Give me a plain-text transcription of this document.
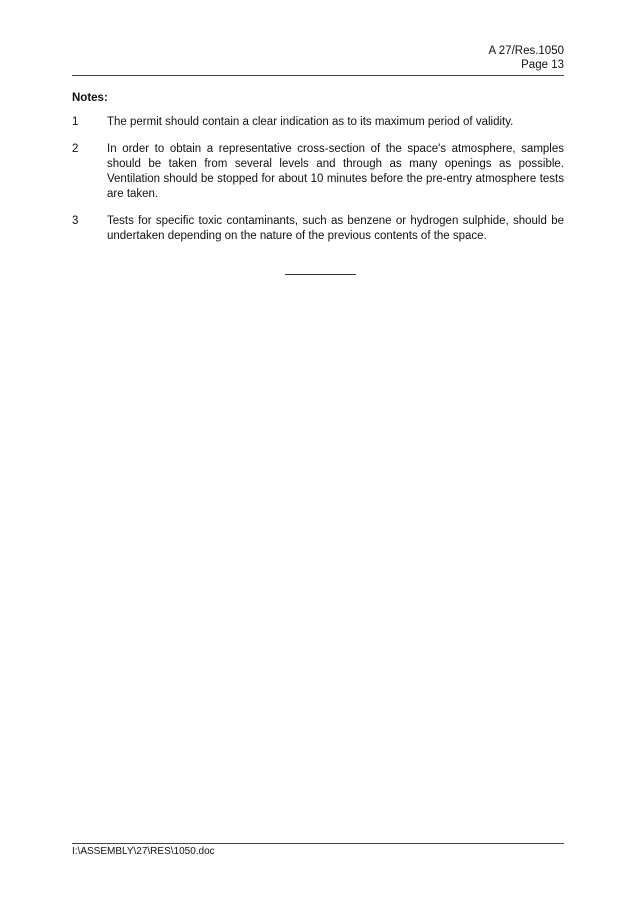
A 27/Res.1050
Page 13
Notes:
1	The permit should contain a clear indication as to its maximum period of validity.
2	In order to obtain a representative cross-section of the space's atmosphere, samples should be taken from several levels and through as many openings as possible. Ventilation should be stopped for about 10 minutes before the pre-entry atmosphere tests are taken.
3	Tests for specific toxic contaminants, such as benzene or hydrogen sulphide, should be undertaken depending on the nature of the previous contents of the space.
I:\ASSEMBLY\27\RES\1050.doc
